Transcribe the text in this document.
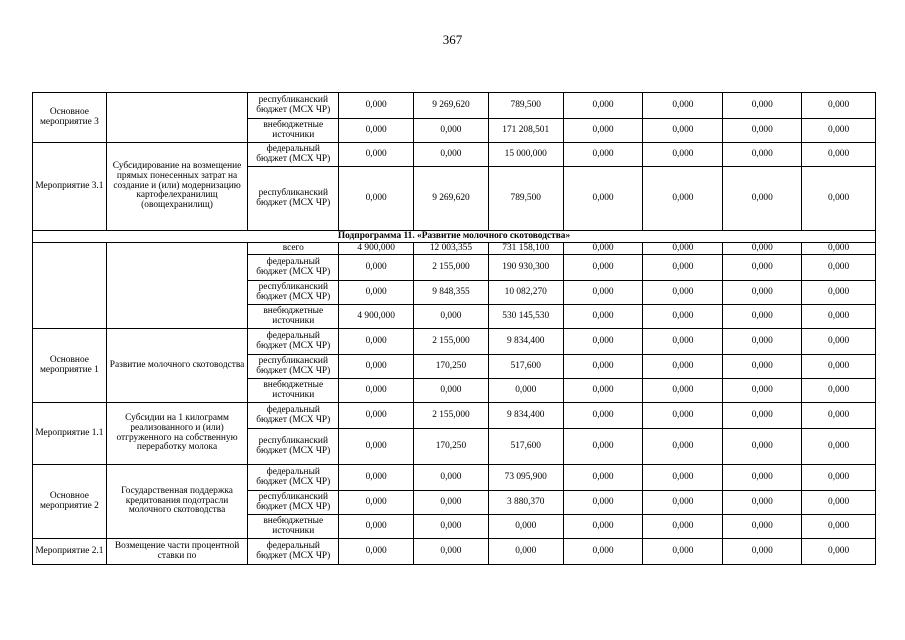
367
Основное мероприятие 3		республиканский бюджет (МСХ ЧР)	0,000	9 269,620	789,500	0,000	0,000	0,000	0,000
		внебюджетные источники	0,000	0,000	171 208,501	0,000	0,000	0,000	0,000
Мероприятие 3.1	Субсидирование на возмещение прямых понесенных затрат на создание и (или) модернизацию картофелехранилищ (овощехранилищ)	федеральный бюджет (МСХ ЧР)	0,000	0,000	15 000,000	0,000	0,000	0,000	0,000
		республиканский бюджет (МСХ ЧР)	0,000	9 269,620	789,500	0,000	0,000	0,000	0,000
Подпрограмма 11. «Развитие молочного скотоводства»									
		всего	4 900,000	12 003,355	731 158,100	0,000	0,000	0,000	0,000
		федеральный бюджет (МСХ ЧР)	0,000	2 155,000	190 930,300	0,000	0,000	0,000	0,000
		республиканский бюджет (МСХ ЧР)	0,000	9 848,355	10 082,270	0,000	0,000	0,000	0,000
		внебюджетные источники	4 900,000	0,000	530 145,530	0,000	0,000	0,000	0,000
Основное мероприятие 1	Развитие молочного скотоводства	федеральный бюджет (МСХ ЧР)	0,000	2 155,000	9 834,400	0,000	0,000	0,000	0,000
		республиканский бюджет (МСХ ЧР)	0,000	170,250	517,600	0,000	0,000	0,000	0,000
		внебюджетные источники	0,000	0,000	0,000	0,000	0,000	0,000	0,000
Мероприятие 1.1	Субсидии на 1 килограмм реализованного и (или) отгруженного на собственную переработку молока	федеральный бюджет (МСХ ЧР)	0,000	2 155,000	9 834,400	0,000	0,000	0,000	0,000
		республиканский бюджет (МСХ ЧР)	0,000	170,250	517,600	0,000	0,000	0,000	0,000
Основное мероприятие 2	Государственная поддержка кредитования подотрасли молочного скотоводства	федеральный бюджет (МСХ ЧР)	0,000	0,000	73 095,900	0,000	0,000	0,000	0,000
		республиканский бюджет (МСХ ЧР)	0,000	0,000	3 880,370	0,000	0,000	0,000	0,000
		внебюджетные источники	0,000	0,000	0,000	0,000	0,000	0,000	0,000
Мероприятие 2.1	Возмещение части процентной ставки по	федеральный бюджет (МСХ ЧР)	0,000	0,000	0,000	0,000	0,000	0,000	0,000
